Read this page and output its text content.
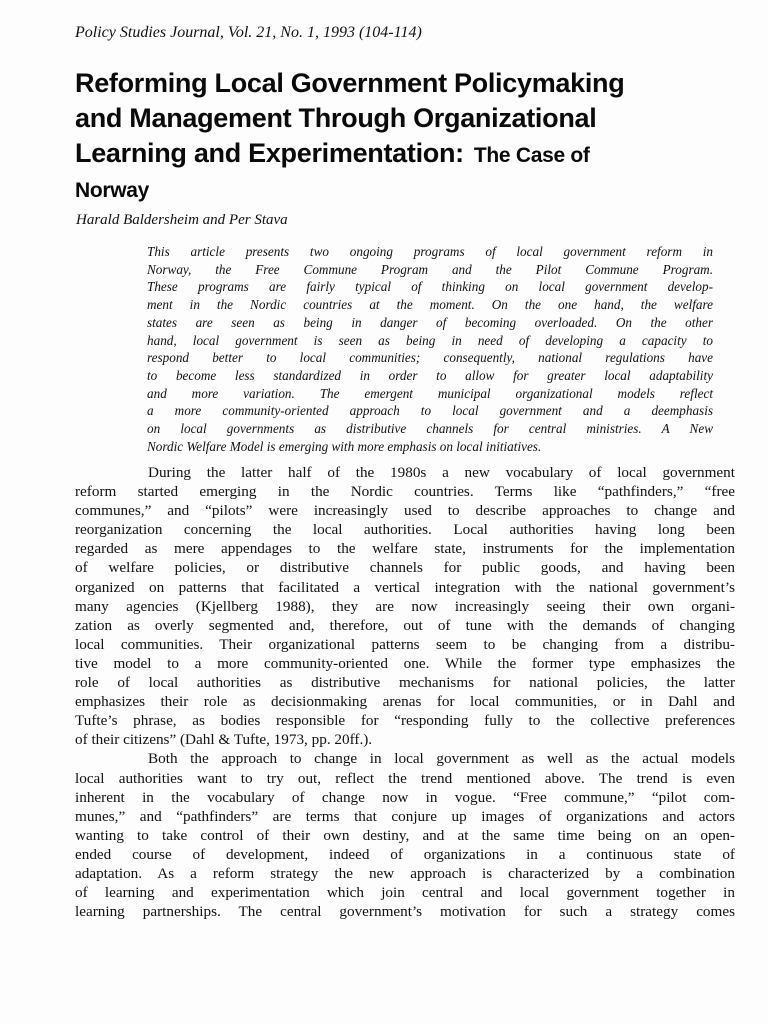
Policy Studies Journal, Vol. 21, No. 1, 1993 (104-114)
Reforming Local Government Policymaking
and Management Through Organizational
Learning and Experimentation: The Case of
Norway
Harald Baldersheim and Per Stava
This article presents two ongoing programs of local government reform in
Norway, the Free Commune Program and the Pilot Commune Program.
These programs are fairly typical of thinking on local government develop-
ment in the Nordic countries at the moment. On the one hand, the welfare
states are seen as being in danger of becoming overloaded. On the other
hand, local government is seen as being in need of developing a capacity to
respond better to local communities; consequently, national regulations have
to become less standardized in order to allow for greater local adaptability
and more variation. The emergent municipal organizational models reflect
a more community-oriented approach to local government and a deemphasis
on local governments as distributive channels for central ministries. A New
Nordic Welfare Model is emerging with more emphasis on local initiatives.
During the latter half of the 1980s a new vocabulary of local government
reform started emerging in the Nordic countries. Terms like “pathfinders,” “free
communes,” and “pilots” were increasingly used to describe approaches to change and
reorganization concerning the local authorities. Local authorities having long been
regarded as mere appendages to the welfare state, instruments for the implementation
of welfare policies, or distributive channels for public goods, and having been
organized on patterns that facilitated a vertical integration with the national government’s
many agencies (Kjellberg 1988), they are now increasingly seeing their own organi-
zation as overly segmented and, therefore, out of tune with the demands of changing
local communities. Their organizational patterns seem to be changing from a distribu-
tive model to a more community-oriented one. While the former type emphasizes the
role of local authorities as distributive mechanisms for national policies, the latter
emphasizes their role as decisionmaking arenas for local communities, or in Dahl and
Tufte’s phrase, as bodies responsible for “responding fully to the collective preferences
of their citizens” (Dahl & Tufte, 1973, pp. 20ff.).
Both the approach to change in local government as well as the actual models
local authorities want to try out, reflect the trend mentioned above. The trend is even
inherent in the vocabulary of change now in vogue. “Free commune,” “pilot com-
munes,” and “pathfinders” are terms that conjure up images of organizations and actors
wanting to take control of their own destiny, and at the same time being on an open-
ended course of development, indeed of organizations in a continuous state of
adaptation. As a reform strategy the new approach is characterized by a combination
of learning and experimentation which join central and local government together in
learning partnerships. The central government’s motivation for such a strategy comes
